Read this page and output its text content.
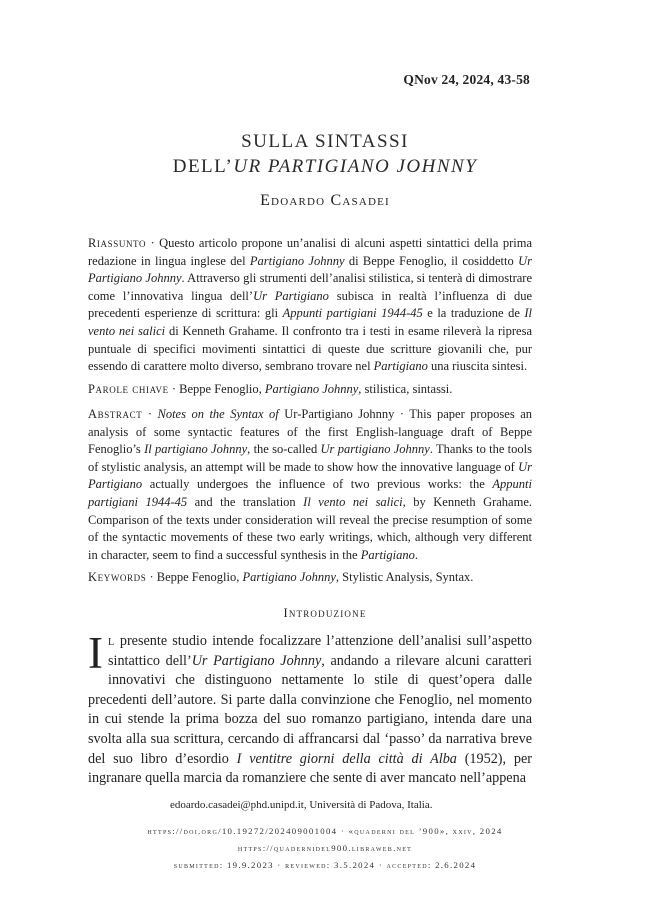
QNov 24, 2024, 43-58
SULLA SINTASSI
DELL’UR PARTIGIANO JOHNNY
Edoardo Casadei
Riassunto · Questo articolo propone un’analisi di alcuni aspetti sintattici della prima redazione in lingua inglese del Partigiano Johnny di Beppe Fenoglio, il cosiddetto Ur Partigiano Johnny. Attraverso gli strumenti dell’analisi stilistica, si tenterà di dimostrare come l’innovativa lingua dell’Ur Partigiano subisca in realtà l’influenza di due precedenti esperienze di scrittura: gli Appunti partigiani 1944-45 e la traduzione de Il vento nei salici di Kenneth Grahame. Il confronto tra i testi in esame rileverà la ripresa puntuale di specifici movimenti sintattici di queste due scritture giovanili che, pur essendo di carattere molto diverso, sembrano trovare nel Partigiano una riuscita sintesi.
Parole chiave · Beppe Fenoglio, Partigiano Johnny, stilistica, sintassi.
Abstract · Notes on the Syntax of Ur-Partigiano Johnny · This paper proposes an analysis of some syntactic features of the first English-language draft of Beppe Fenoglio’s Il partigiano Johnny, the so-called Ur partigiano Johnny. Thanks to the tools of stylistic analysis, an attempt will be made to show how the innovative language of Ur Partigiano actually undergoes the influence of two previous works: the Appunti partigiani 1944-45 and the translation Il vento nei salici, by Kenneth Grahame. Comparison of the texts under consideration will reveal the precise resumption of some of the syntactic movements of these two early writings, which, although very different in character, seem to find a successful synthesis in the Partigiano.
Keywords · Beppe Fenoglio, Partigiano Johnny, Stylistic Analysis, Syntax.
Introduzione
Il presente studio intende focalizzare l’attenzione dell’analisi sull’aspetto sintattico dell’Ur Partigiano Johnny, andando a rilevare alcuni caratteri innovativi che distinguono nettamente lo stile di quest’opera dalle precedenti dell’autore. Si parte dalla convinzione che Fenoglio, nel momento in cui stende la prima bozza del suo romanzo partigiano, intenda dare una svolta alla sua scrittura, cercando di affrancarsi dal ‘passo’ da narrativa breve del suo libro d’esordio I ventitre giorni della città di Alba (1952), per ingranare quella marcia da romanziere che sente di aver mancato nell’appena
edoardo.casadei@phd.unipd.it, Università di Padova, Italia.
https://doi.org/10.19272/202409001004 · «quaderni del ’900», xxiv, 2024
https://quadernidel900.libraweb.net
submitted: 19.9.2023 · reviewed: 3.5.2024 · accepted: 2.6.2024
